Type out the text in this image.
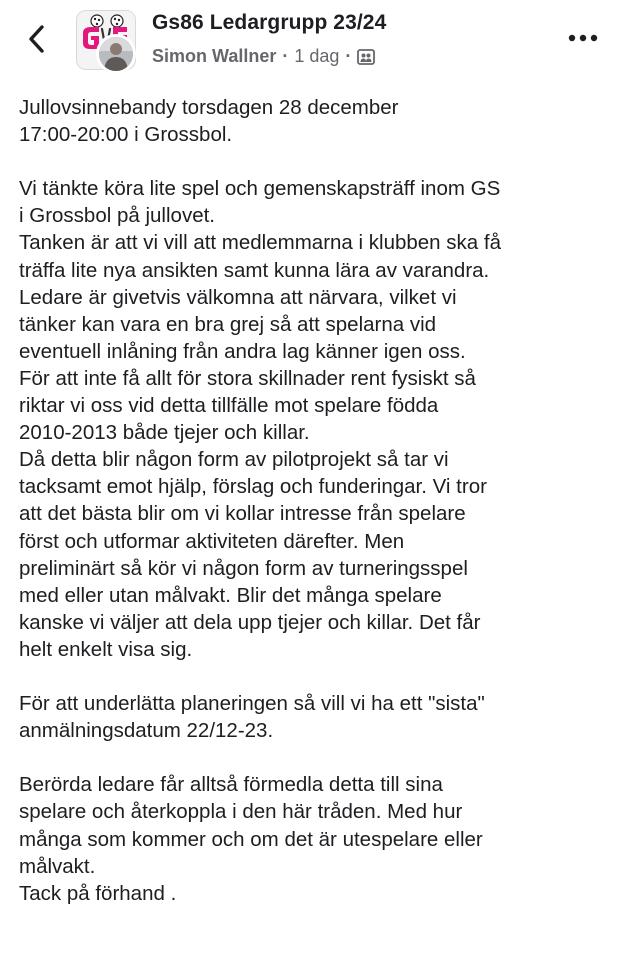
Gs86 Ledargrupp 23/24
Simon Wallner · 1 dag ·
Jullovsinnebandy torsdagen 28 december
17:00-20:00 i Grossbol.
Vi tänkte köra lite spel och gemenskapsträff inom GS
i Grossbol på jullovet.
Tanken är att vi vill att medlemmarna i klubben ska få
träffa lite nya ansikten samt kunna lära av varandra.
Ledare är givetvis välkomna att närvara, vilket vi
tänker kan vara en bra grej så att spelarna vid
eventuell inlåning från andra lag känner igen oss.
För att inte få allt för stora skillnader rent fysiskt så
riktar vi oss vid detta tillfälle mot spelare födda
2010-2013 både tjejer och killar.
Då detta blir någon form av pilotprojekt så tar vi
tacksamt emot hjälp, förslag och funderingar. Vi tror
att det bästa blir om vi kollar intresse från spelare
först och utformar aktiviteten därefter. Men
preliminärt så kör vi någon form av turneringsspel
med eller utan målvakt. Blir det många spelare
kanske vi väljer att dela upp tjejer och killar. Det får
helt enkelt visa sig.
För att underlätta planeringen så vill vi ha ett "sista"
anmälningsdatum 22/12-23.
Berörda ledare får alltså förmedla detta till sina
spelare och återkoppla i den här tråden. Med hur
många som kommer och om det är utespelare eller
målvakt.
Tack på förhand .
